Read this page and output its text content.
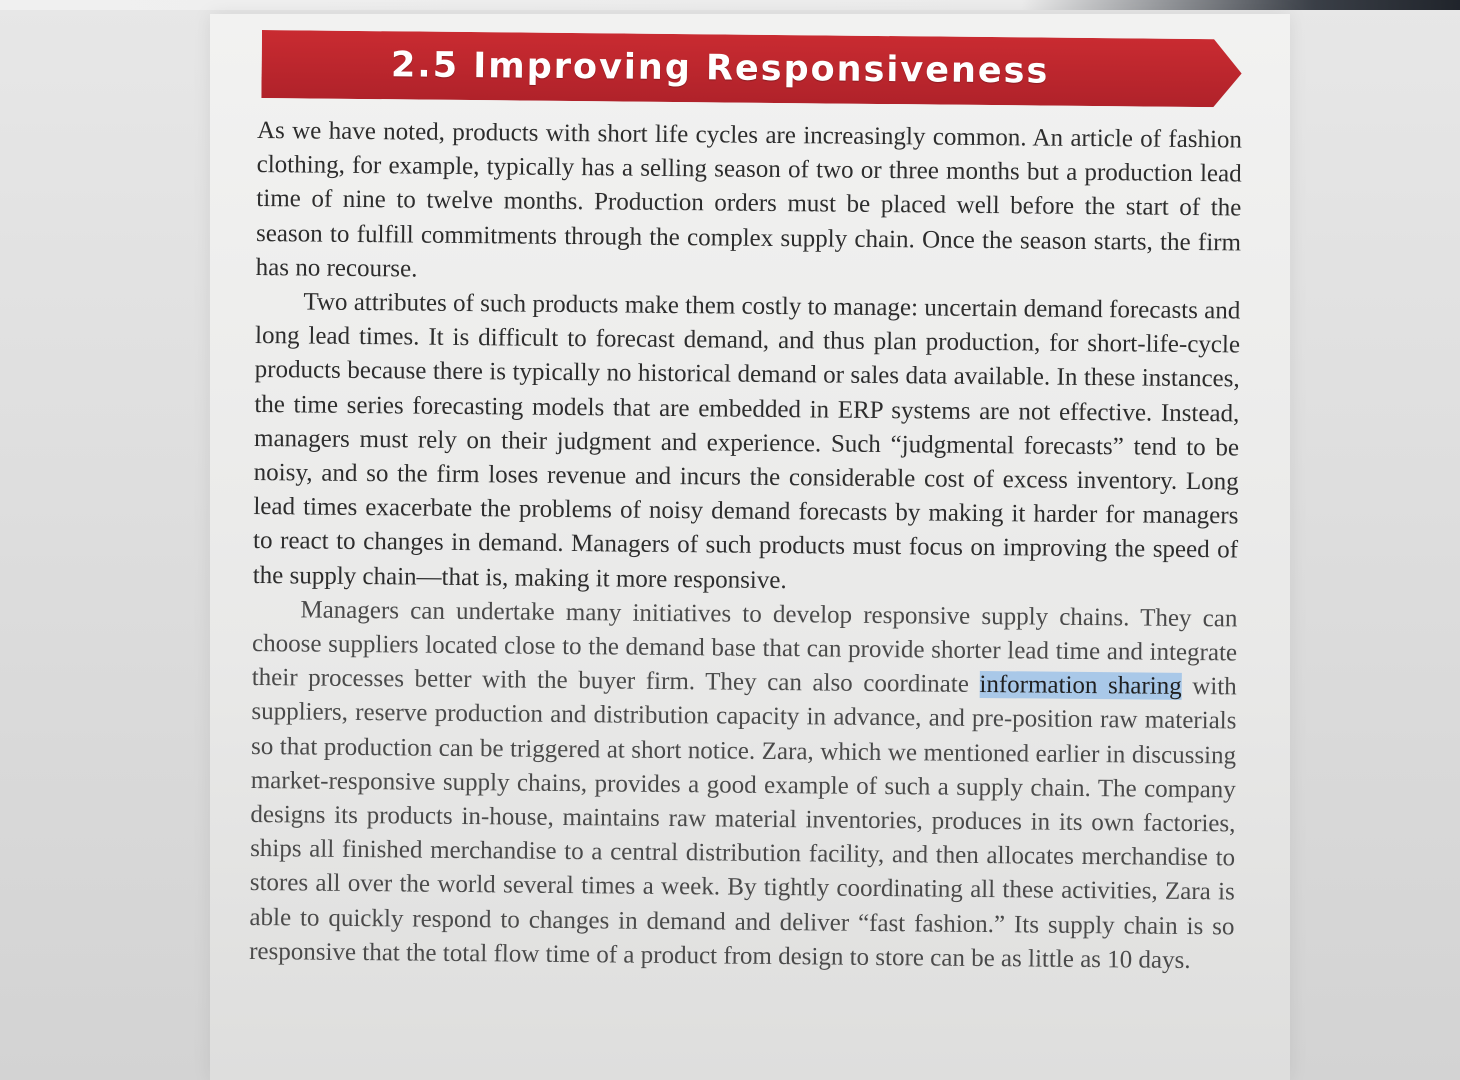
2.5 Improving Responsiveness

As we have noted, products with short life cycles are increasingly common. An article of fashion clothing, for example, typically has a selling season of two or three months but a production lead time of nine to twelve months. Production orders must be placed well before the start of the season to fulfill commitments through the complex supply chain. Once the season starts, the firm has no recourse.

Two attributes of such products make them costly to manage: uncertain demand forecasts and long lead times. It is difficult to forecast demand, and thus plan production, for short-life-cycle products because there is typically no historical demand or sales data available. In these instances, the time series forecasting models that are embedded in ERP systems are not effective. Instead, managers must rely on their judgment and experience. Such “judgmental forecasts” tend to be noisy, and so the firm loses revenue and incurs the considerable cost of excess inventory. Long lead times exacerbate the problems of noisy demand forecasts by making it harder for managers to react to changes in demand. Managers of such products must focus on improving the speed of the supply chain—that is, making it more responsive.

Managers can undertake many initiatives to develop responsive supply chains. They can choose suppliers located close to the demand base that can provide shorter lead time and integrate their processes better with the buyer firm. They can also coordinate information sharing with suppliers, reserve production and distribution capacity in advance, and pre-position raw materials so that production can be triggered at short notice. Zara, which we mentioned earlier in discussing market-responsive supply chains, provides a good example of such a supply chain. The company designs its products in-house, maintains raw material inventories, produces in its own factories, ships all finished merchandise to a central distribution facility, and then allocates merchandise to stores all over the world several times a week. By tightly coordinating all these activities, Zara is able to quickly respond to changes in demand and deliver “fast fashion.” Its supply chain is so responsive that the total flow time of a product from design to store can be as little as 10 days.
